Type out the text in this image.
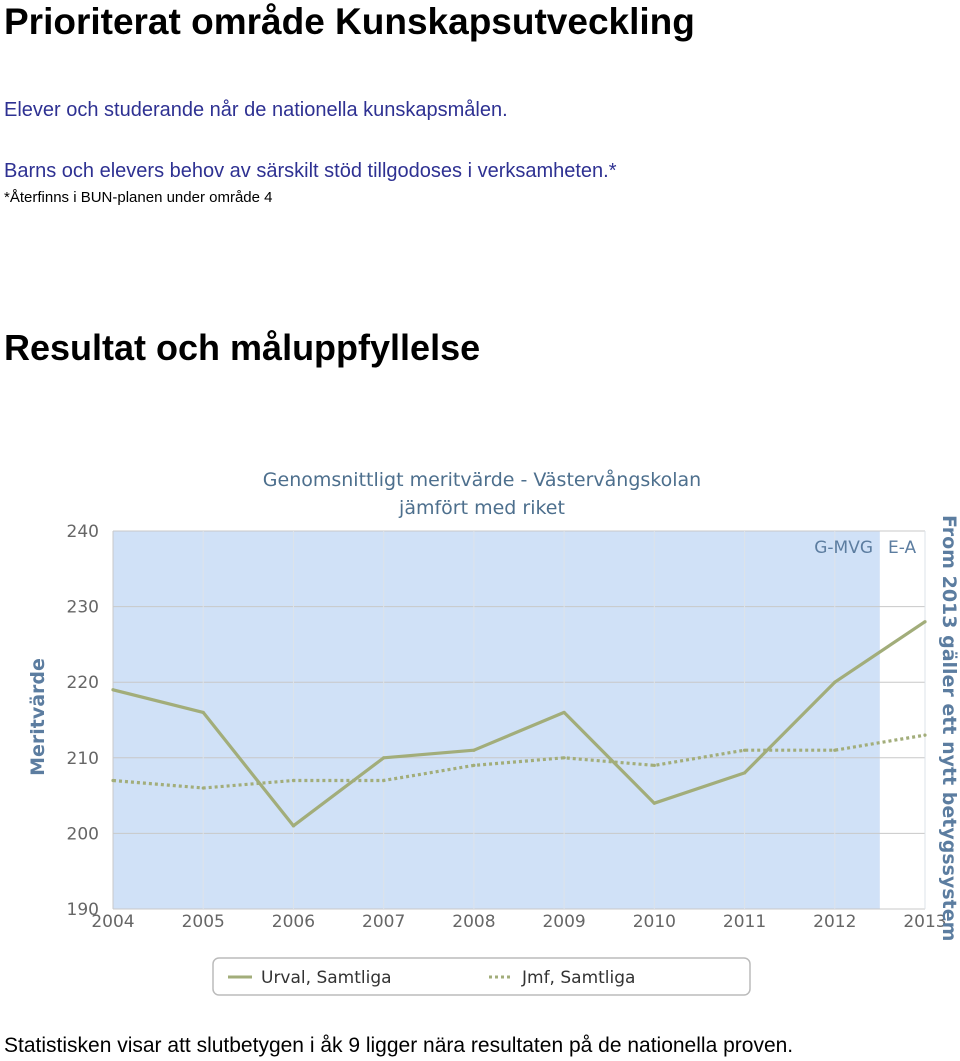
Prioriterat område Kunskapsutveckling
Elever och studerande når de nationella kunskapsmålen.
Barns och elevers behov av särskilt stöd tillgodoses i verksamheten.*
*Återfinns i BUN-planen under område 4
Resultat och måluppfyllelse
190
200
210
220
230
240
2004	2005	2006	2007	2008	2009	2010	2011	2012	2013
Genomsnittligt meritvärde - Västervångskolan
jämfört med riket
Meritvärde
G-MVG E-A From 2013 gäller ett nytt betygssystem
Urval, Samtliga	Jmf, Samtliga
Statistisken visar att slutbetygen i åk 9 ligger nära resultaten på de nationella proven.
